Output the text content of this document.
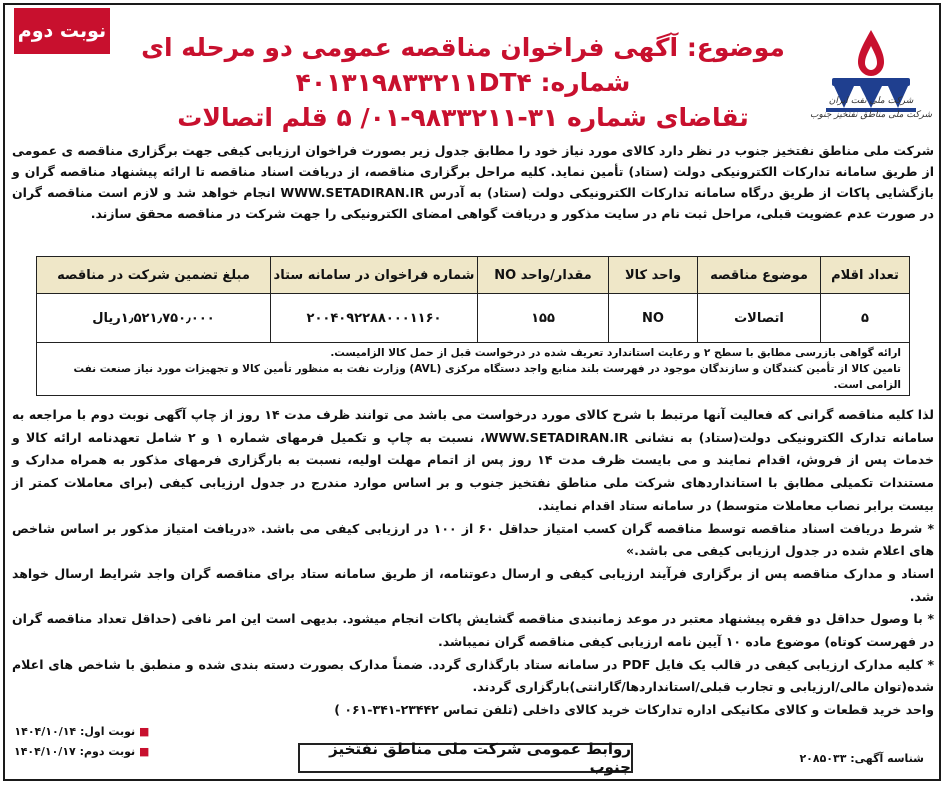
نوبت دوم
شرکت ملی نفت ایران
شرکت ملی مناطق نفتخیز جنوب
موضوع: آگهی فراخوان مناقصه عمومی دو مرحله ای
شماره: ۴۰۱۳۱۹۸۳۳۲۱۱DT۴
تقاضای شماره ۳۱-۹۸۳۳۲۱۱-۰۱/ ۵ قلم اتصالات
شرکت ملی مناطق نفتخیز جنوب در نظر دارد کالای مورد نیاز خود را مطابق جدول زیر بصورت فراخوان ارزیابی کیفی جهت برگزاری مناقصه ی عمومی از طریق سامانه تدارکات الکترونیکی دولت (ستاد) تأمین نماید. کلیه مراحل برگزاری مناقصه، از دریافت اسناد مناقصه تا ارائه پیشنهاد مناقصه گران و بازگشایی پاکات از طریق درگاه سامانه تدارکات الکترونیکی دولت (ستاد) به آدرس WWW.SETADIRAN.IR انجام خواهد شد و لازم است مناقصه گران در صورت عدم عضویت قبلی، مراحل ثبت نام در سایت مذکور و دریافت گواهی امضای الکترونیکی را جهت شرکت در مناقصه محقق سازند.
تعداد اقلام	موضوع مناقصه	واحد کالا	مقدار/واحد NO	شماره فراخوان در سامانه ستاد	مبلغ تضمین شرکت در مناقصه
۵	اتصالات	NO	۱۵۵	۲۰۰۴۰۹۲۲۸۸۰۰۰۱۱۶۰	۱٫۵۲۱٫۷۵۰٫۰۰۰ریال

ارائه گواهی بازرسی مطابق با سطح ۲ و رعایت استاندارد تعریف شده در درخواست قبل از حمل کالا الزامیست.
تامین کالا از تأمین کنندگان و سازندگان موجود در فهرست بلند منابع واجد دستگاه مرکزی (AVL) وزارت نفت به منظور تأمین کالا و تجهیزات مورد نیاز صنعت نفت الزامی است.					

لذا کلیه مناقصه گرانی که فعالیت آنها مرتبط با شرح کالای مورد درخواست می باشد می توانند ظرف مدت ۱۴ روز از چاپ آگهی نوبت دوم با مراجعه به سامانه تدارک الکترونیکی دولت(ستاد) به نشانی WWW.SETADIRAN.IR، نسبت به چاپ و تکمیل فرمهای شماره ۱ و ۲ شامل تعهدنامه ارائه کالا و خدمات پس از فروش، اقدام نمایند و می بایست ظرف مدت ۱۴ روز پس از اتمام مهلت اولیه، نسبت به بارگزاری فرمهای مذکور به همراه مدارک و مستندات تکمیلی مطابق با استانداردهای شرکت ملی مناطق نفتخیز جنوب و بر اساس موارد مندرج در جدول ارزیابی کیفی (برای معاملات کمتر از بیست برابر نصاب معاملات متوسط) در سامانه ستاد اقدام نمایند.

* شرط دریافت اسناد مناقصه توسط مناقصه گران کسب امتیاز حداقل ۶۰ از ۱۰۰ در ارزیابی کیفی می باشد. «دریافت امتیاز مذکور بر اساس شاخص های اعلام شده در جدول ارزیابی کیفی می باشد.»

اسناد و مدارک مناقصه پس از برگزاری فرآیند ارزیابی کیفی و ارسال دعوتنامه، از طریق سامانه ستاد برای مناقصه گران واجد شرایط ارسال خواهد شد.

* با وصول حداقل دو فقره پیشنهاد معتبر در موعد زمانبندی مناقصه گشایش پاکات انجام میشود. بدیهی است این امر نافی (حداقل تعداد مناقصه گران در فهرست کوتاه) موضوع ماده ۱۰ آیین نامه ارزیابی کیفی مناقصه گران نمیباشد.

* کلیه مدارک ارزیابی کیفی در قالب یک فایل PDF در سامانه ستاد بارگذاری گردد. ضمناً مدارک بصورت دسته بندی شده و منطبق با شاخص های اعلام شده(توان مالی/ارزیابی و تجارب قبلی/استانداردها/گارانتی)بارگزاری گردند.

واحد خرید قطعات و کالای مکانیکی اداره تدارکات خرید کالای داخلی (تلفن تماس ۲۳۴۴۲-۳۴۱-۰۶۱ )

■ نوبت اول: ۱۴۰۴/۱۰/۱۴
■ نوبت دوم: ۱۴۰۴/۱۰/۱۷	روابط عمومی شرکت ملی مناطق نفتخیز جنوب	شناسه آگهی: ۲۰۸۵۰۳۳
